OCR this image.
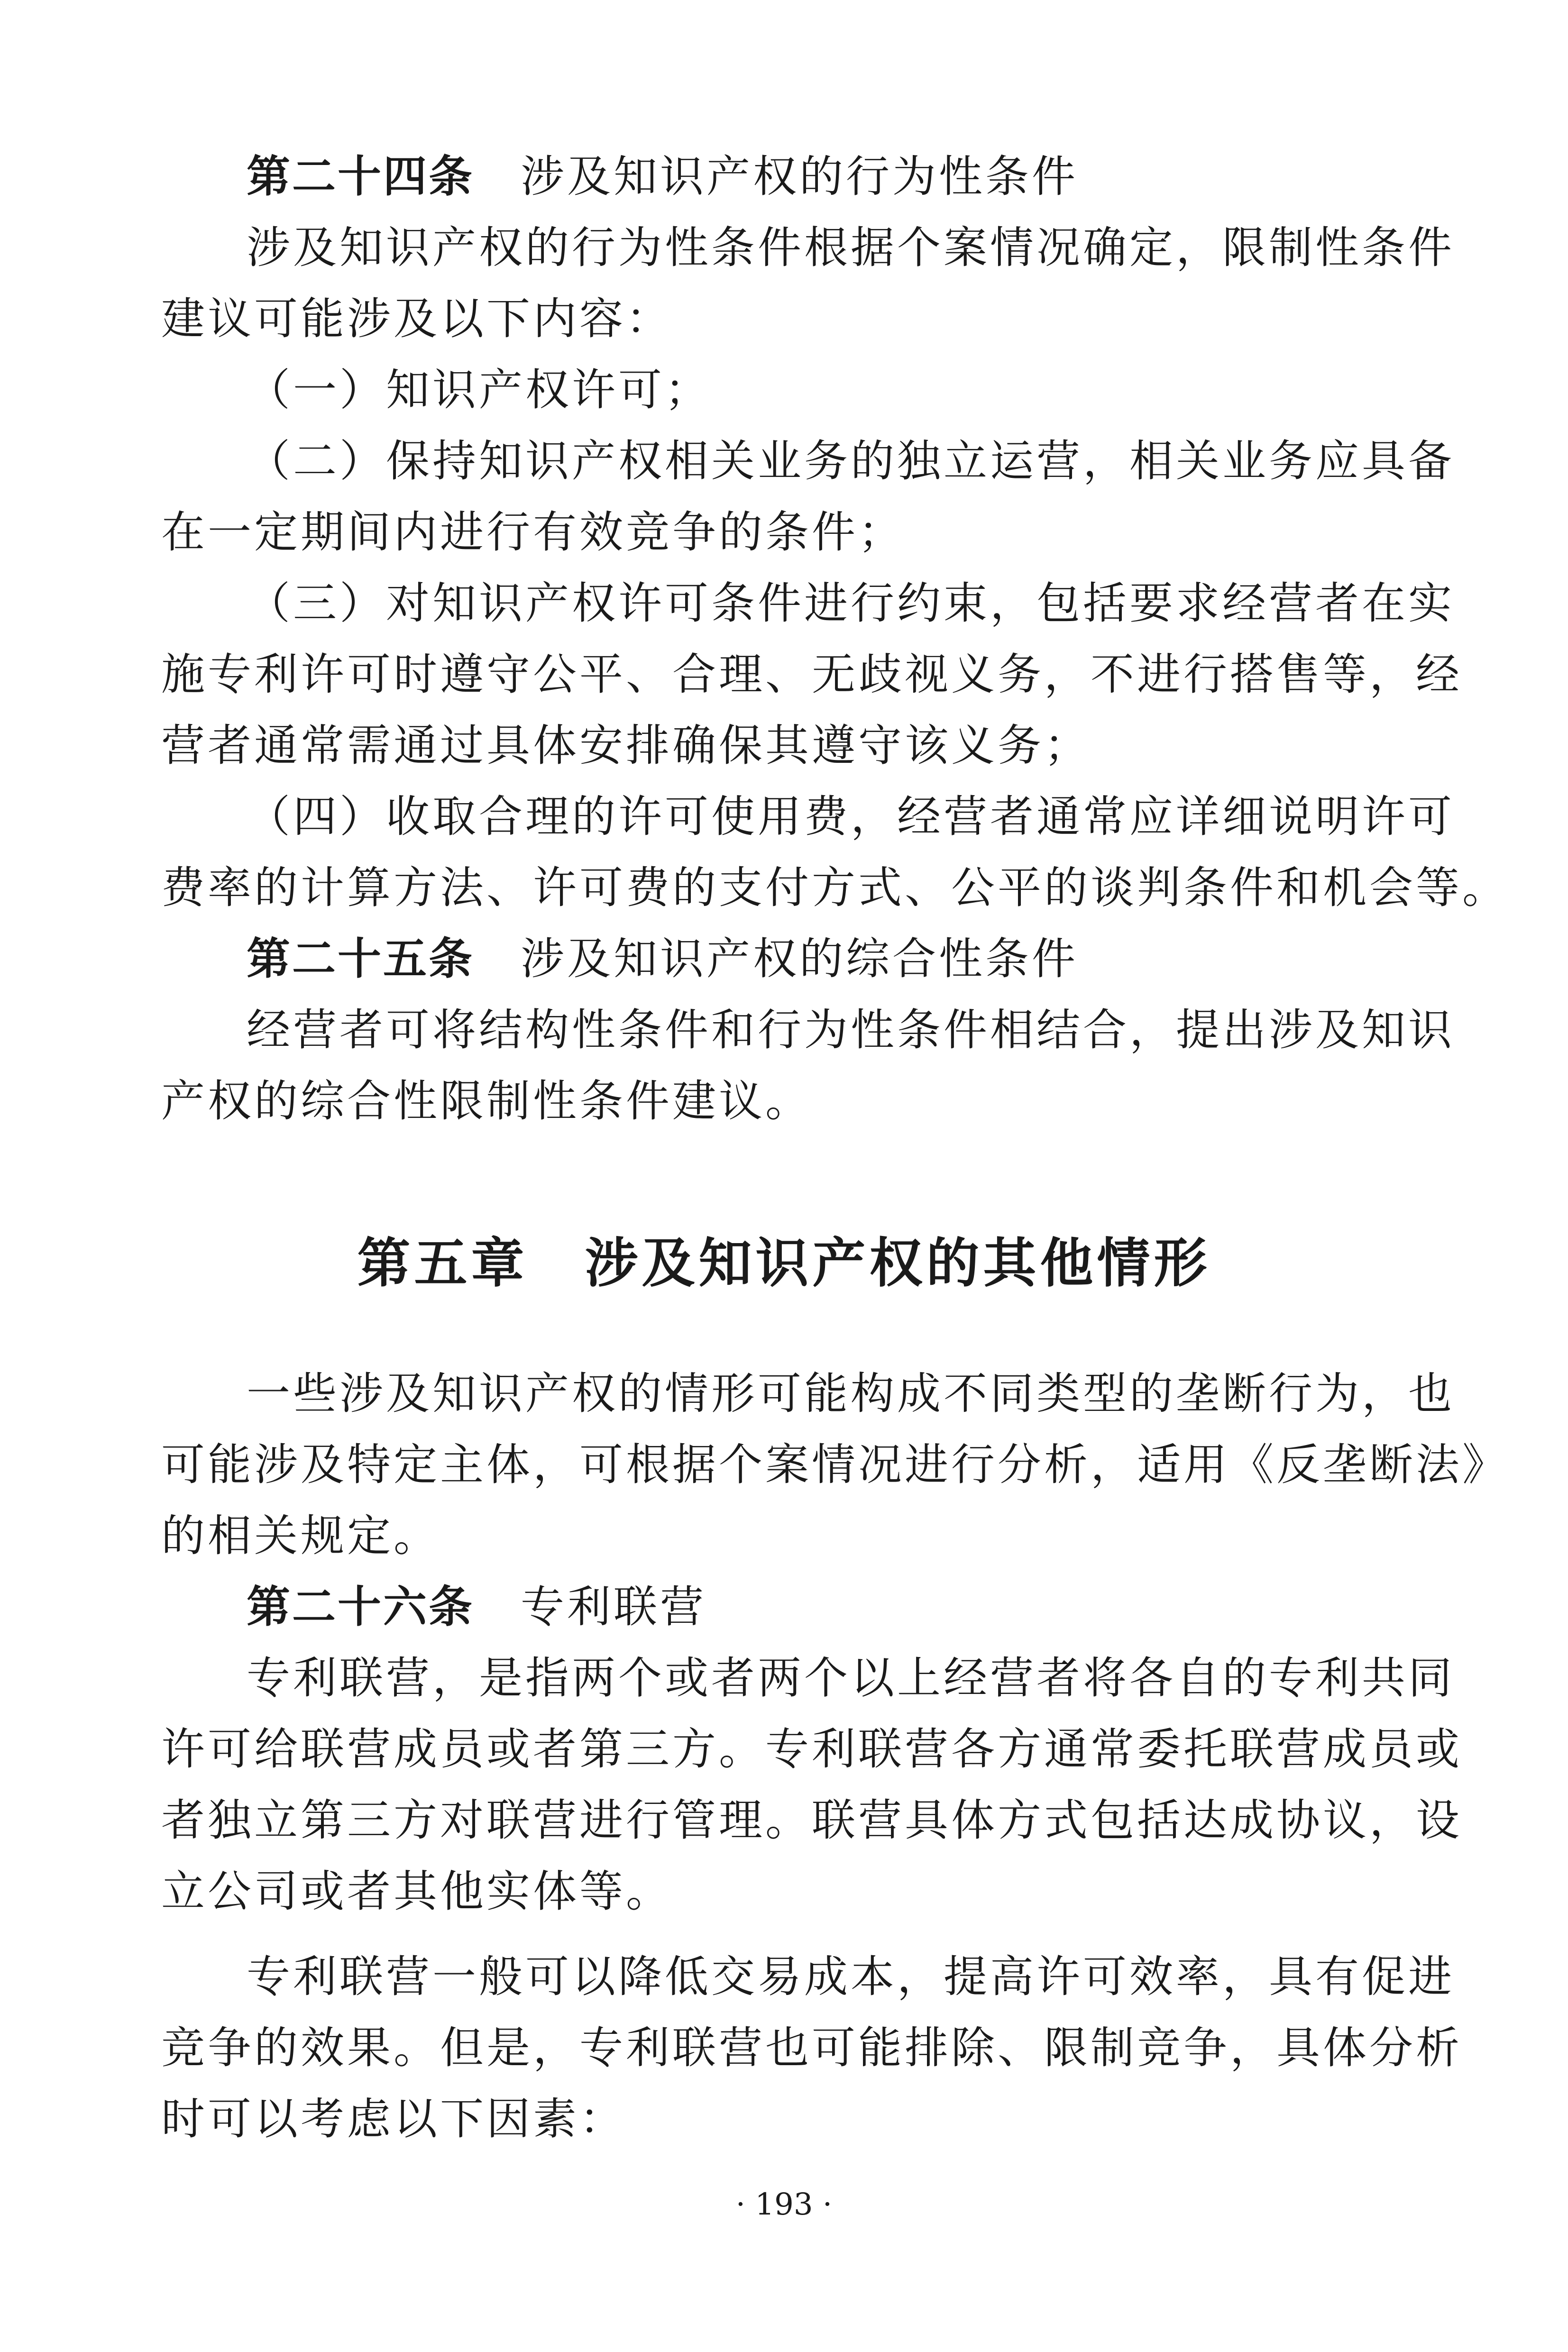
第二十四条　 涉及知识产权的行为性条件
涉及知识产权的行为性条件根据个案情况确定，限制性条件
建议可能涉及以下内容：
（一）知识产权许可；
（二）保持知识产权相关业务的独立运营，相关业务应具备
在一定期间内进行有效竞争的条件；
（三）对知识产权许可条件进行约束，包括要求经营者在实
施专利许可时遵守公平、合理、无歧视义务，不进行搭售等，经
营者通常需通过具体安排确保其遵守该义务；
（四）收取合理的许可使用费，经营者通常应详细说明许可
费率的计算方法、许可费的支付方式、公平的谈判条件和机会等。
第二十五条　 涉及知识产权的综合性条件
经营者可将结构性条件和行为性条件相结合，提出涉及知识
产权的综合性限制性条件建议。
第五章　涉及知识产权的其他情形
一些涉及知识产权的情形可能构成不同类型的垄断行为，也
可能涉及特定主体，可根据个案情况进行分析，适用《反垄断法》
的相关规定。
第二十六条　 专利联营
专利联营，是指两个或者两个以上经营者将各自的专利共同
许可给联营成员或者第三方。专利联营各方通常委托联营成员或
者独立第三方对联营进行管理。联营具体方式包括达成协议，设
立公司或者其他实体等。
专利联营一般可以降低交易成本，提高许可效率，具有促进
竞争的效果。但是，专利联营也可能排除、限制竞争，具体分析
时可以考虑以下因素：
· 193 ·
